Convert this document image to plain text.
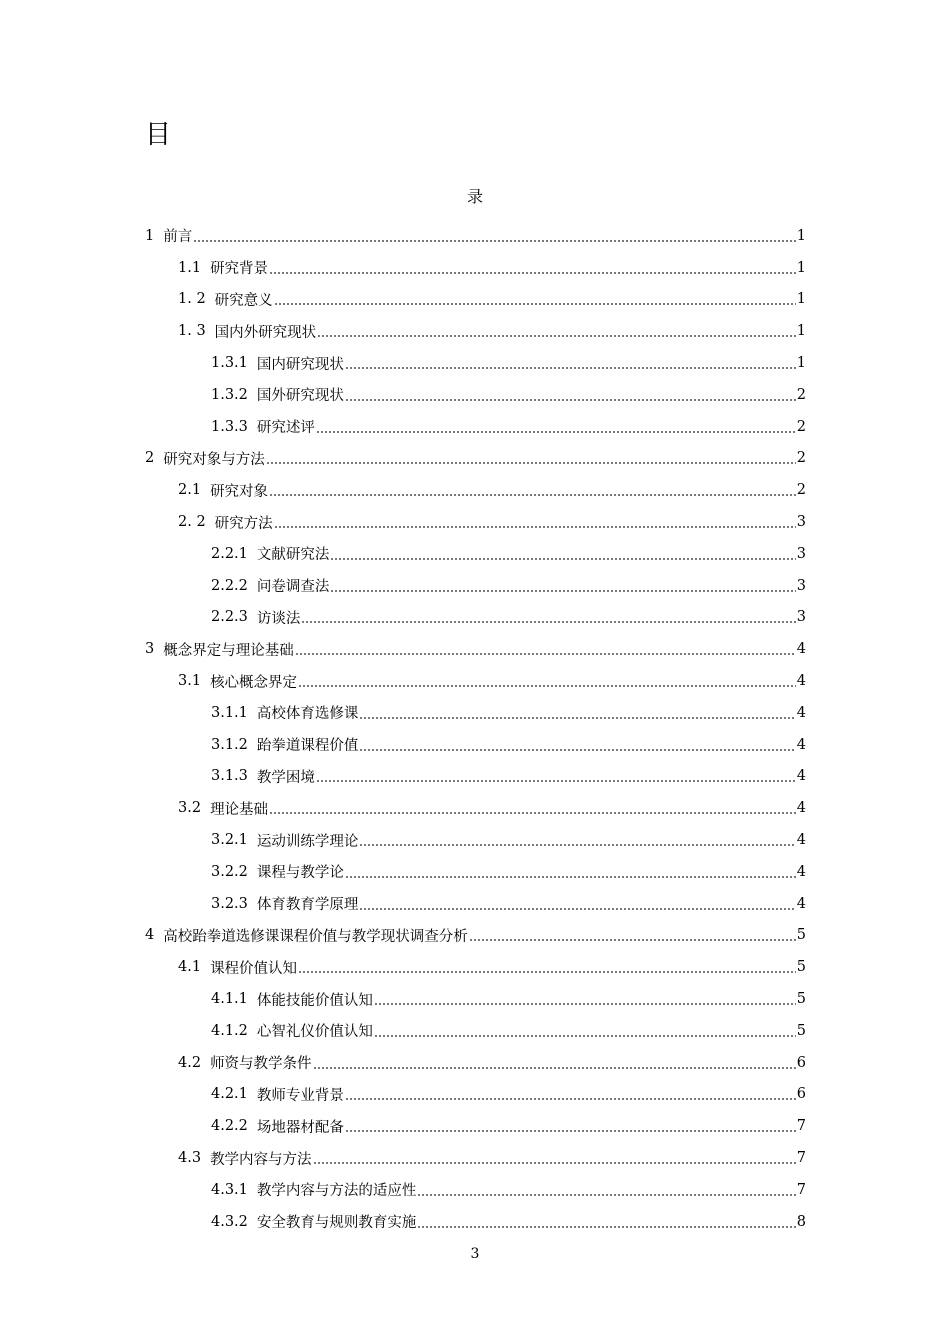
目
录
1 前言	1
1.1 研究背景	1
1. 2 研究意义	1
1. 3 国内外研究现状	1
1.3.1 国内研究现状	1
1.3.2 国外研究现状	2
1.3.3 研究述评	2
2 研究对象与方法	2
2.1 研究对象	2
2. 2 研究方法	3
2.2.1 文献研究法	3
2.2.2 问卷调查法	3
2.2.3 访谈法	3
3 概念界定与理论基础	4
3.1 核心概念界定	4
3.1.1 高校体育选修课	4
3.1.2 跆拳道课程价值	4
3.1.3 教学困境	4
3.2 理论基础	4
3.2.1 运动训练学理论	4
3.2.2 课程与教学论	4
3.2.3 体育教育学原理	4
4 高校跆拳道选修课课程价值与教学现状调查分析	5
4.1 课程价值认知	5
4.1.1 体能技能价值认知	5
4.1.2 心智礼仪价值认知	5
4.2 师资与教学条件	6
4.2.1 教师专业背景	6
4.2.2 场地器材配备	7
4.3 教学内容与方法	7
4.3.1 教学内容与方法的适应性	7
4.3.2 安全教育与规则教育实施	8
3
